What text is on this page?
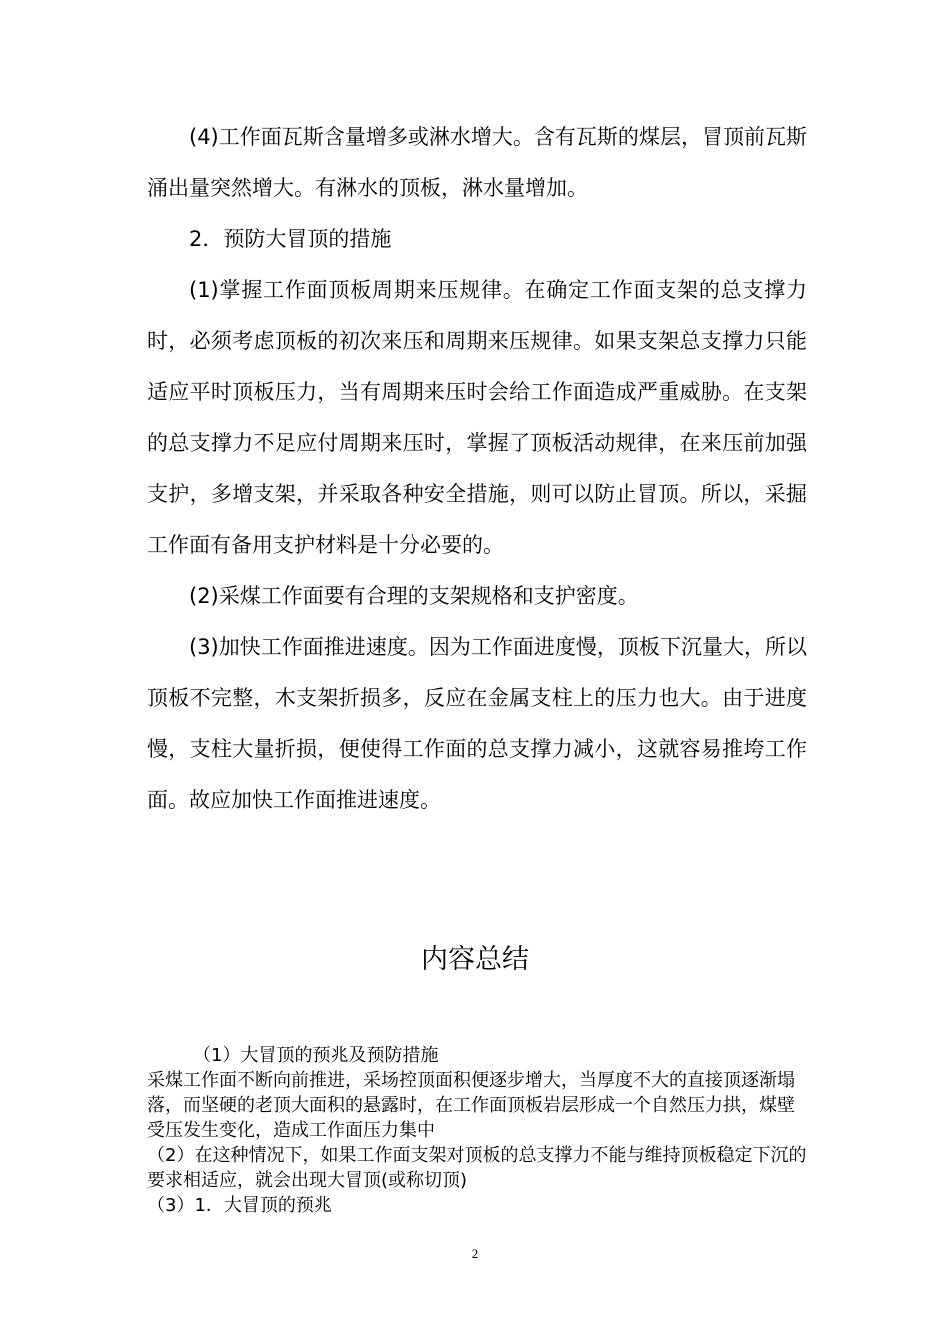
(4)工作面瓦斯含量增多或淋水增大。含有瓦斯的煤层，冒顶前瓦斯涌出量突然增大。有淋水的顶板，淋水量增加。

2．预防大冒顶的措施

(1)掌握工作面顶板周期来压规律。在确定工作面支架的总支撑力时，必须考虑顶板的初次来压和周期来压规律。如果支架总支撑力只能适应平时顶板压力，当有周期来压时会给工作面造成严重威胁。在支架的总支撑力不足应付周期来压时，掌握了顶板活动规律，在来压前加强支护，多增支架，并采取各种安全措施，则可以防止冒顶。所以，采掘工作面有备用支护材料是十分必要的。

(2)采煤工作面要有合理的支架规格和支护密度。

(3)加快工作面推进速度。因为工作面进度慢，顶板下沉量大，所以顶板不完整，木支架折损多，反应在金属支柱上的压力也大。由于进度慢，支柱大量折损，便使得工作面的总支撑力减小，这就容易推垮工作面。故应加快工作面推进速度。

内容总结

（1）大冒顶的预兆及预防措施

采煤工作面不断向前推进，采场控顶面积便逐步增大，当厚度不大的直接顶逐渐塌落，而坚硬的老顶大面积的悬露时，在工作面顶板岩层形成一个自然压力拱，煤壁受压发生变化，造成工作面压力集中

（2）在这种情况下，如果工作面支架对顶板的总支撑力不能与维持顶板稳定下沉的要求相适应，就会出现大冒顶(或称切顶)

（3）1．大冒顶的预兆

2
